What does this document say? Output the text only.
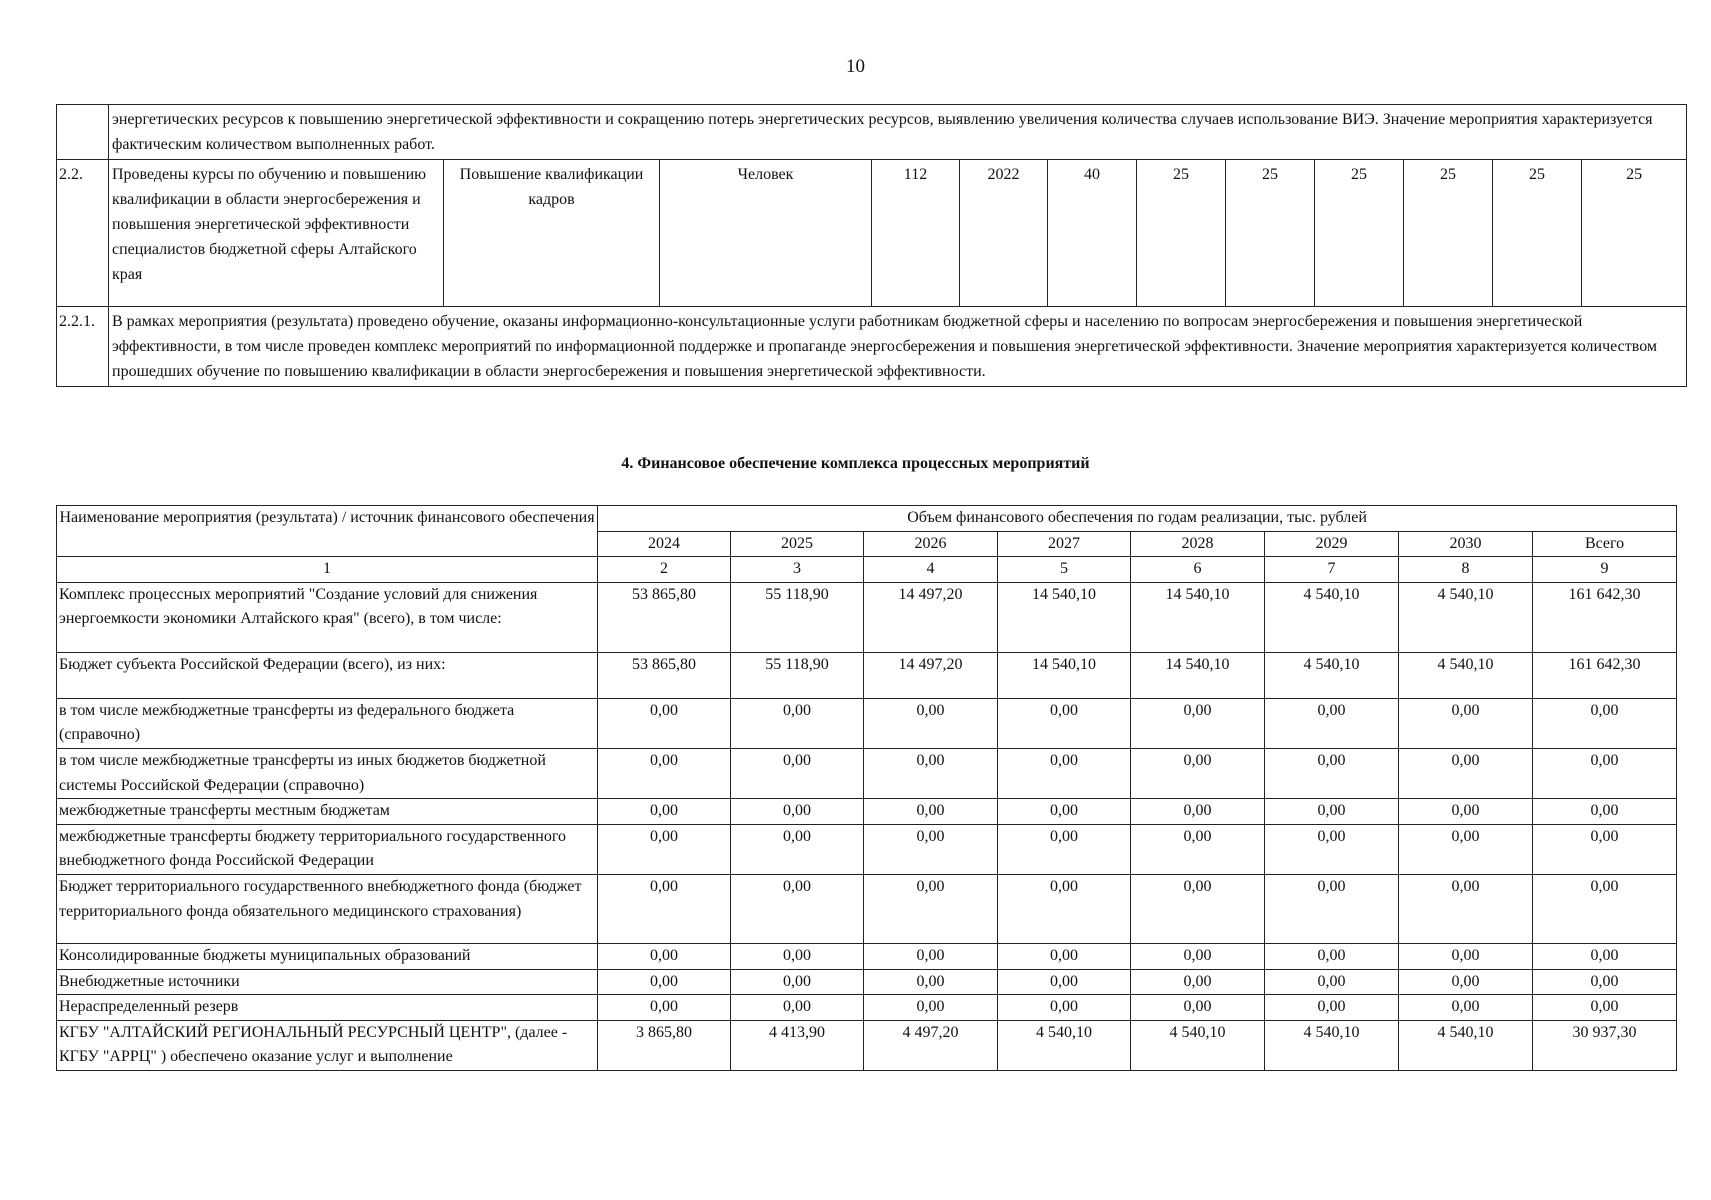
10
	энергетических ресурсов к повышению энергетической эффективности и сокращению потерь энергетических ресурсов, выявлению увеличения количества случаев использование ВИЭ. Значение мероприятия характеризуется фактическим количеством выполненных работ.											
2.2.	Проведены курсы по обучению и повышению квалификации в области энергосбережения и повышения энергетической эффективности специалистов бюджетной сферы Алтайского края	Повышение квалификации кадров	Человек	112	2022	40	25	25	25	25	25	25
2.2.1.	В рамках мероприятия (результата) проведено обучение, оказаны информационно-консультационные услуги работникам бюджетной сферы и населению по вопросам энергосбережения и повышения энергетической эффективности, в том числе проведен комплекс мероприятий по информационной поддержке и пропаганде энергосбережения и повышения энергетической эффективности. Значение мероприятия характеризуется количеством прошедших обучение по повышению квалификации в области энергосбережения и повышения энергетической эффективности.											
4. Финансовое обеспечение комплекса процессных мероприятий
Наименование мероприятия (результата) / источник финансового обеспечения	Объем финансового обеспечения по годам реализации, тыс. рублей							
	2024	2025	2026	2027	2028	2029	2030	Всего
1	2	3	4	5	6	7	8	9
Комплекс процессных мероприятий "Создание условий для снижения энергоемкости экономики Алтайского края" (всего), в том числе:	53 865,80	55 118,90	14 497,20	14 540,10	14 540,10	4 540,10	4 540,10	161 642,30
Бюджет субъекта Российской Федерации (всего), из них:	53 865,80	55 118,90	14 497,20	14 540,10	14 540,10	4 540,10	4 540,10	161 642,30
в том числе межбюджетные трансферты из федерального бюджета (справочно)	0,00	0,00	0,00	0,00	0,00	0,00	0,00	0,00
в том числе межбюджетные трансферты из иных бюджетов бюджетной системы Российской Федерации (справочно)	0,00	0,00	0,00	0,00	0,00	0,00	0,00	0,00
межбюджетные трансферты местным бюджетам	0,00	0,00	0,00	0,00	0,00	0,00	0,00	0,00
межбюджетные трансферты бюджету территориального государственного внебюджетного фонда Российской Федерации	0,00	0,00	0,00	0,00	0,00	0,00	0,00	0,00
Бюджет территориального государственного внебюджетного фонда (бюджет территориального фонда обязательного медицинского страхования)	0,00	0,00	0,00	0,00	0,00	0,00	0,00	0,00
Консолидированные бюджеты муниципальных образований	0,00	0,00	0,00	0,00	0,00	0,00	0,00	0,00
Внебюджетные источники	0,00	0,00	0,00	0,00	0,00	0,00	0,00	0,00
Нераспределенный резерв	0,00	0,00	0,00	0,00	0,00	0,00	0,00	0,00
КГБУ "АЛТАЙСКИЙ РЕГИОНАЛЬНЫЙ РЕСУРСНЫЙ ЦЕНТР", (далее - КГБУ "АРРЦ" ) обеспечено оказание услуг и выполнение	3 865,80	4 413,90	4 497,20	4 540,10	4 540,10	4 540,10	4 540,10	30 937,30
